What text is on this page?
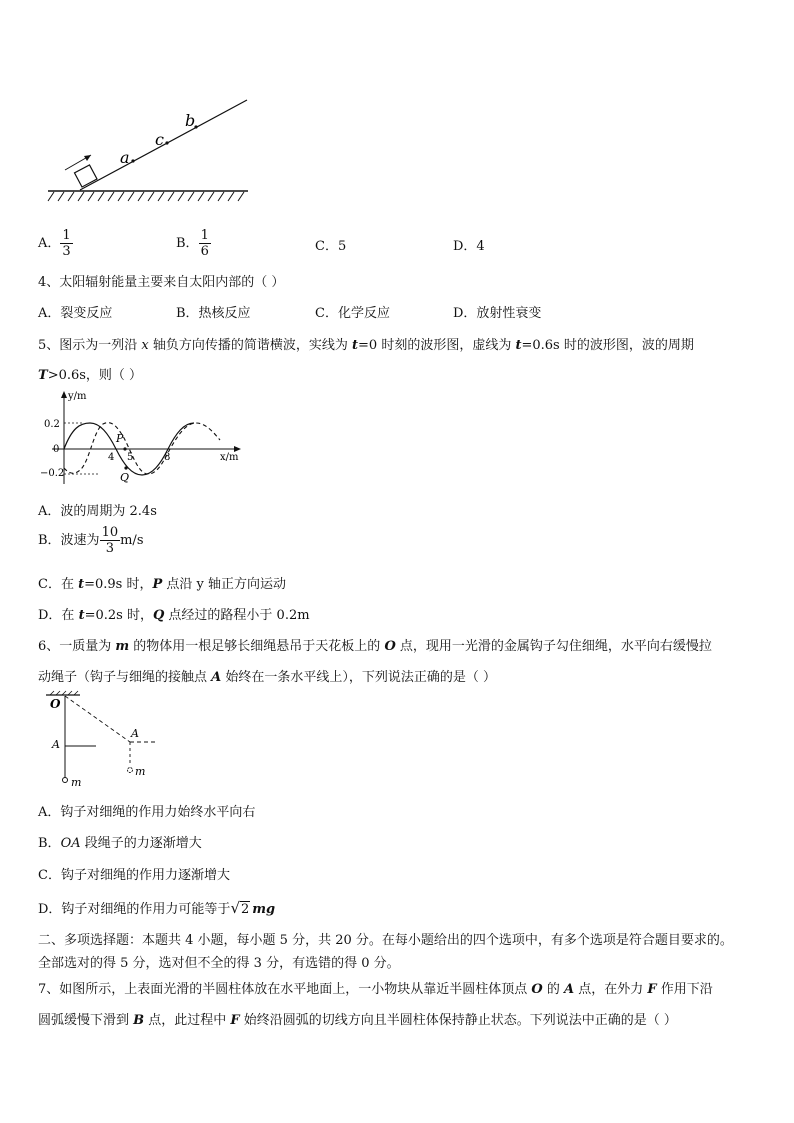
a
c
b
A． $\frac{1}{3}$	B． $\frac{1}{6}$	C．5	D．4
4、太阳辐射能量主要来自太阳内部的（ ）
A．裂变反应	B．热核反应	C．化学反应	D．放射性衰变
5、图示为一列沿 x 轴负方向传播的简谐横波，实线为 t=0 时刻的波形图，虚线为 t=0.6s 时的波形图，波的周期
T>0.6s，则（ ）
y/m
x/m
0.2
0
−0.2
4 5	8
P
Q
A．波的周期为 2.4s
B．波速为 $\frac{10}{3} m/s$
C．在 t=0.9s 时，P 点沿 y 轴正方向运动
D．在 t=0.2s 时，Q 点经过的路程小于 0.2m
6、一质量为 m 的物体用一根足够长细绳悬吊于天花板上的 O 点，现用一光滑的金属钩子勾住细绳，水平向右缓慢拉
动绳子（钩子与细绳的接触点 A 始终在一条水平线上），下列说法正确的是（ ）
O
A
m
A
m
A．钩子对细绳的作用力始终水平向右
B．OA 段绳子的力逐渐增大
C．钩子对细绳的作用力逐渐增大
D．钩子对细绳的作用力可能等于√2 mg
二、多项选择题：本题共 4 小题，每小题 5 分，共 20 分。在每小题给出的四个选项中，有多个选项是符合题目要求的。
全部选对的得 5 分，选对但不全的得 3 分，有选错的得 0 分。
7、如图所示，上表面光滑的半圆柱体放在水平地面上，一小物块从靠近半圆柱体顶点 O 的 A 点，在外力 F 作用下沿
圆弧缓慢下滑到 B 点，此过程中 F 始终沿圆弧的切线方向且半圆柱体保持静止状态。下列说法中正确的是（ ）
